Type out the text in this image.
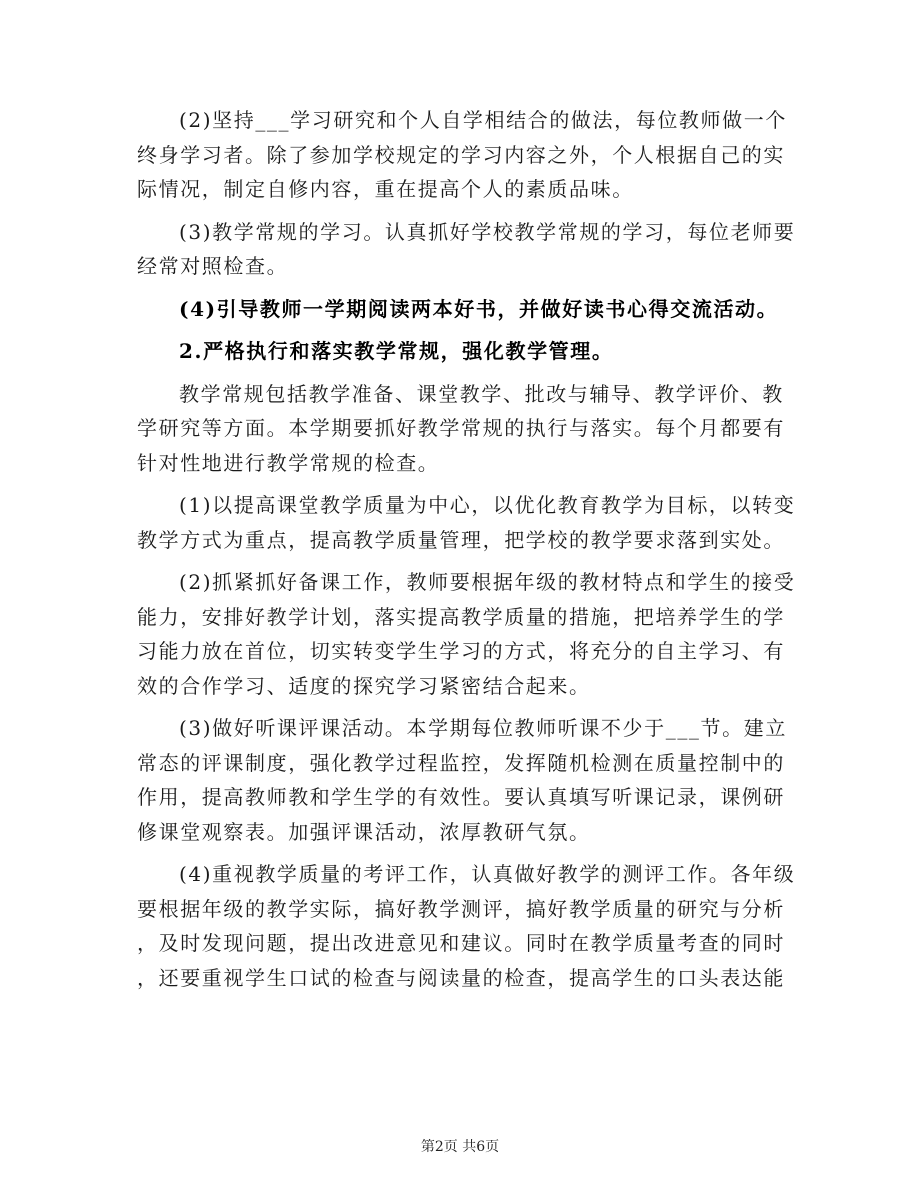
(2)坚持___学习研究和个人自学相结合的做法，每位教师做一个
终身学习者。除了参加学校规定的学习内容之外，个人根据自己的实
际情况，制定自修内容，重在提高个人的素质品味。
(3)教学常规的学习。认真抓好学校教学常规的学习，每位老师要
经常对照检查。
(4)引导教师一学期阅读两本好书，并做好读书心得交流活动。
2.严格执行和落实教学常规，强化教学管理。
教学常规包括教学准备、课堂教学、批改与辅导、教学评价、教
学研究等方面。本学期要抓好教学常规的执行与落实。每个月都要有
针对性地进行教学常规的检查。
(1)以提高课堂教学质量为中心，以优化教育教学为目标，以转变
教学方式为重点，提高教学质量管理，把学校的教学要求落到实处。
(2)抓紧抓好备课工作，教师要根据年级的教材特点和学生的接受
能力，安排好教学计划，落实提高教学质量的措施，把培养学生的学
习能力放在首位，切实转变学生学习的方式，将充分的自主学习、有
效的合作学习、适度的探究学习紧密结合起来。
(3)做好听课评课活动。本学期每位教师听课不少于___节。建立
常态的评课制度，强化教学过程监控，发挥随机检测在质量控制中的
作用，提高教师教和学生学的有效性。要认真填写听课记录，课例研
修课堂观察表。加强评课活动，浓厚教研气氛。
(4)重视教学质量的考评工作，认真做好教学的测评工作。各年级
要根据年级的教学实际，搞好教学测评，搞好教学质量的研究与分析
，及时发现问题，提出改进意见和建议。同时在教学质量考查的同时
，还要重视学生口试的检查与阅读量的检查，提高学生的口头表达能
第2页 共6页
